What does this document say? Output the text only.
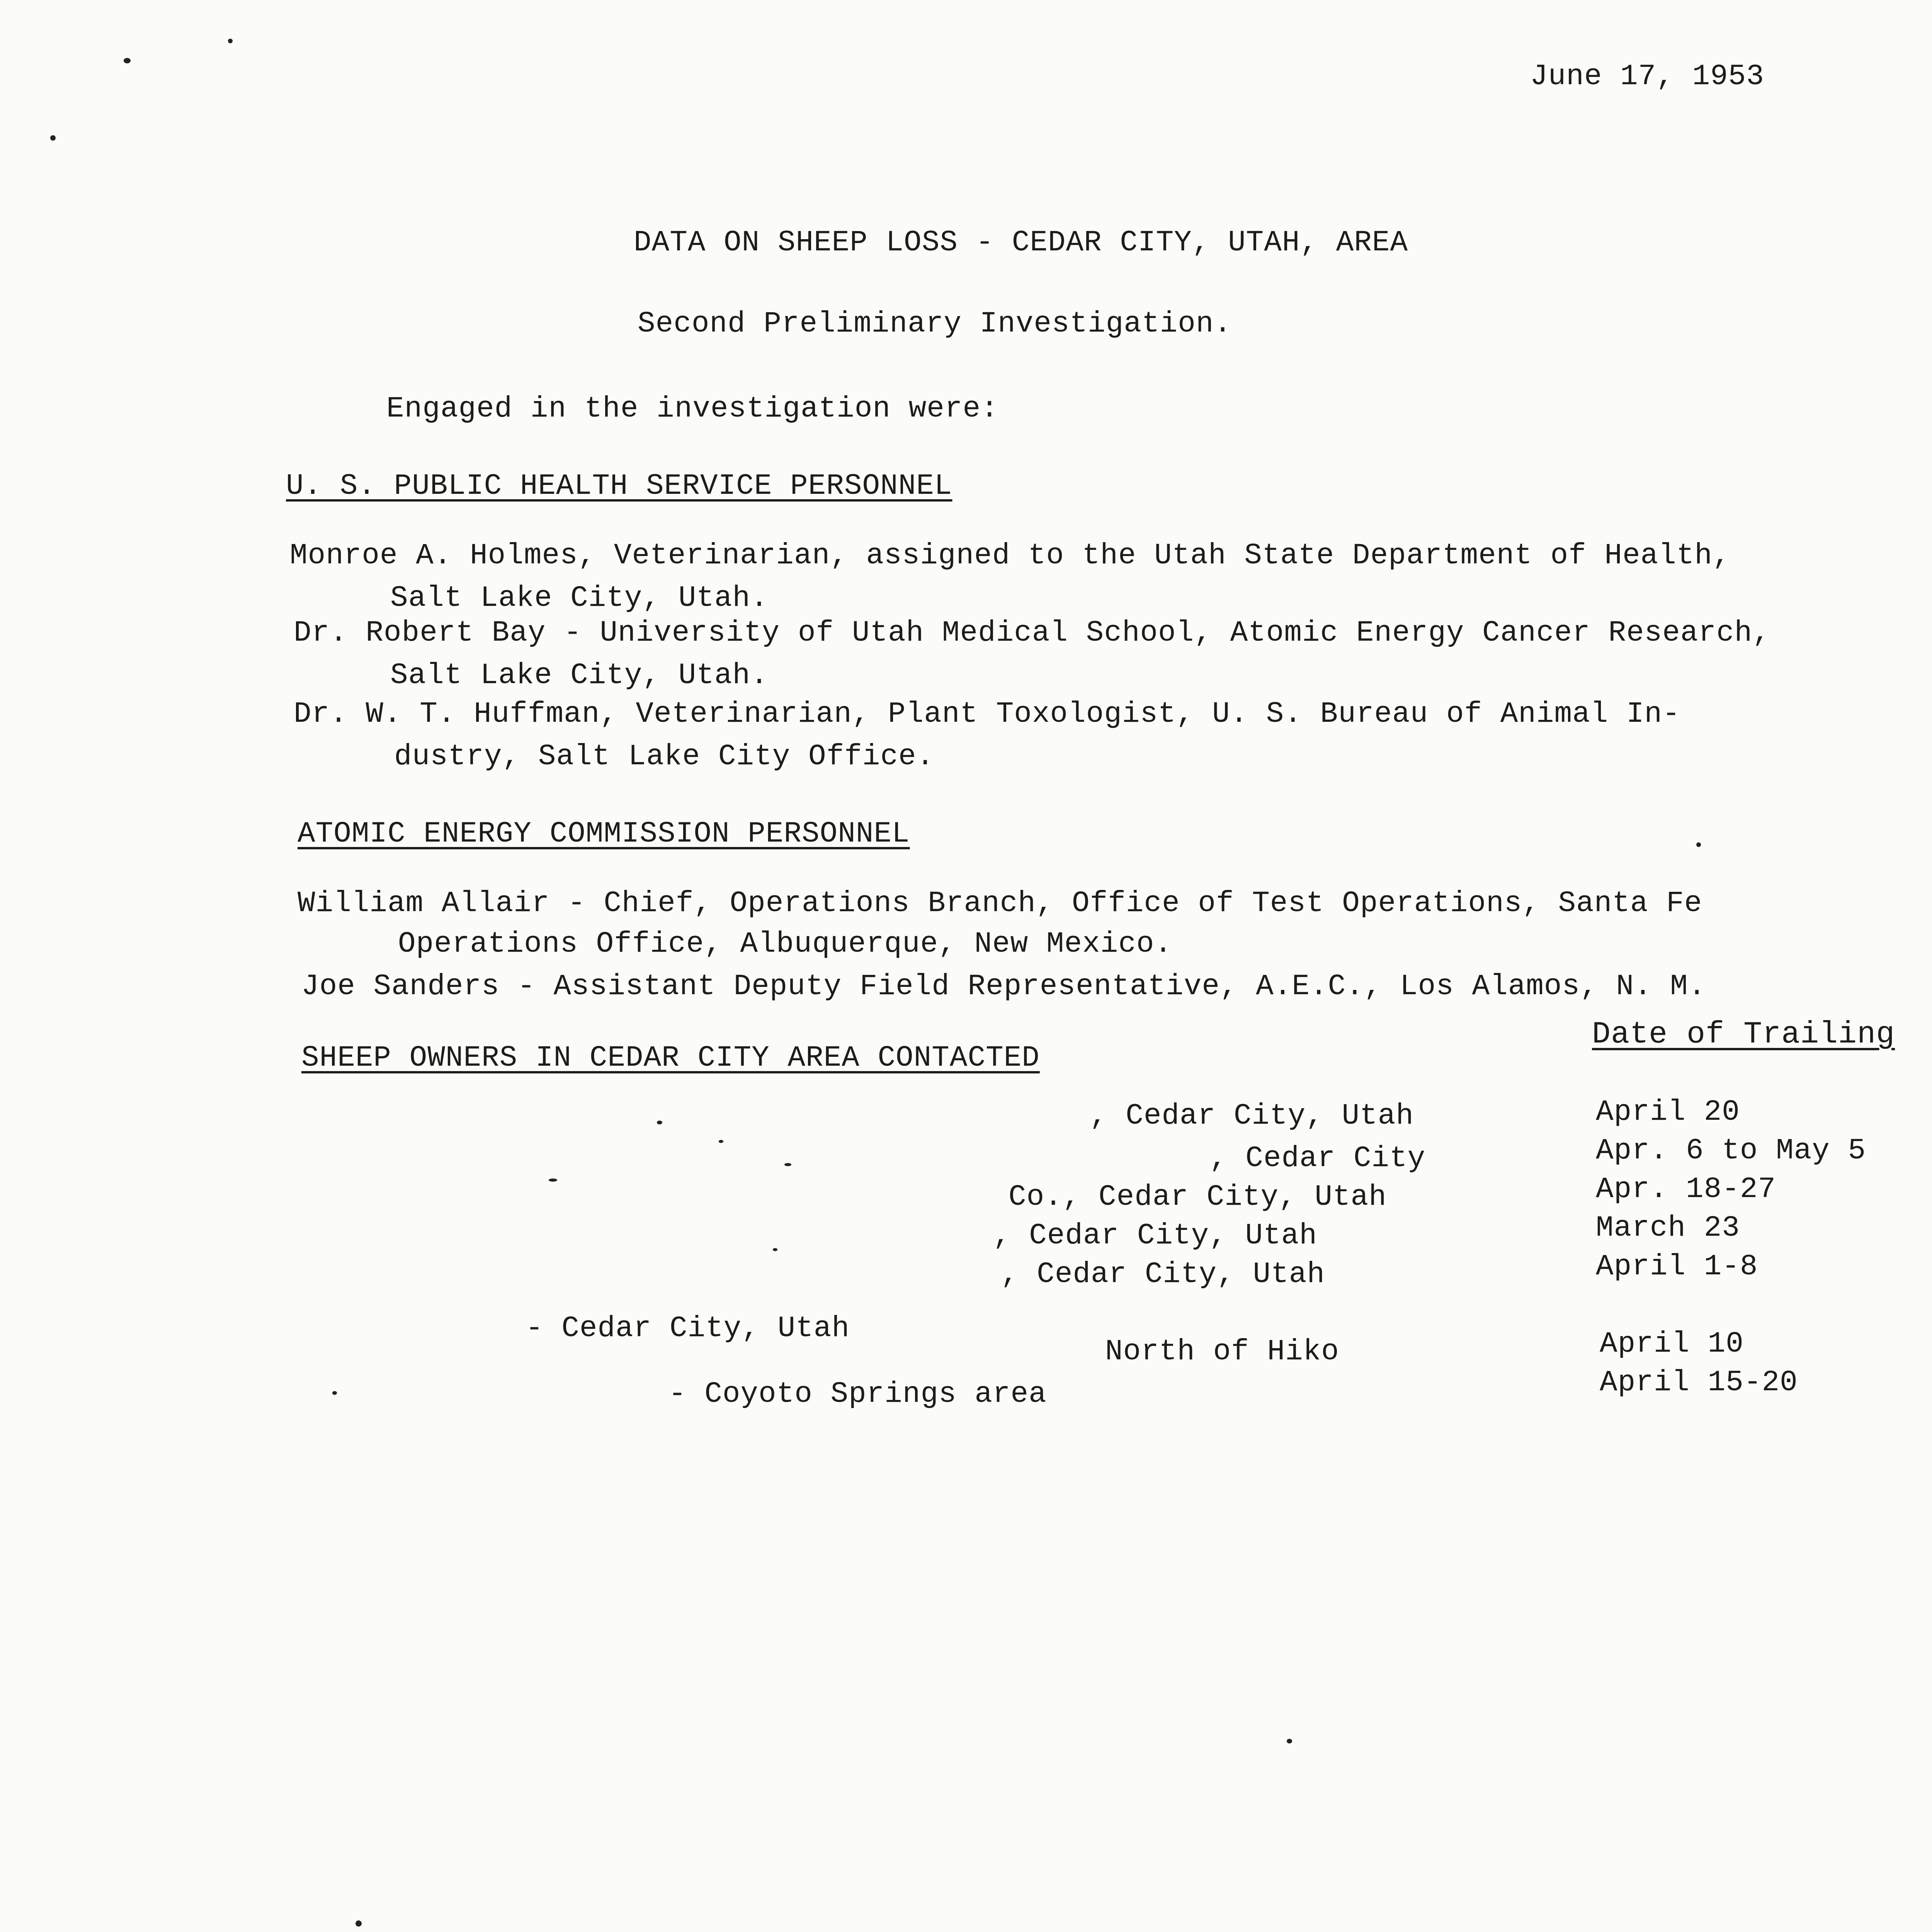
June 17, 1953
DATA ON SHEEP LOSS - CEDAR CITY, UTAH, AREA
Second Preliminary Investigation.
Engaged in the investigation were:
U. S. PUBLIC HEALTH SERVICE PERSONNEL
Monroe A. Holmes, Veterinarian, assigned to the Utah State Department of Health,
Salt Lake City, Utah.
Dr. Robert Bay - University of Utah Medical School, Atomic Energy Cancer Research,
Salt Lake City, Utah.
Dr. W. T. Huffman, Veterinarian, Plant Toxologist, U. S. Bureau of Animal In-
dustry, Salt Lake City Office.
ATOMIC ENERGY COMMISSION PERSONNEL
William Allair - Chief, Operations Branch, Office of Test Operations, Santa Fe
Operations Office, Albuquerque, New Mexico.
Joe Sanders - Assistant Deputy Field Representative, A.E.C., Los Alamos, N. M.
SHEEP OWNERS IN CEDAR CITY AREA CONTACTED
Date of Trailing
, Cedar City, Utah	April 20
, Cedar City	Apr. 6 to May 5
Co., Cedar City, Utah	Apr. 18-27
, Cedar City, Utah	March 23
, Cedar City, Utah	April 1-8
- Cedar City, Utah
North of Hiko	April 10
- Coyoto Springs area	April 15-20
